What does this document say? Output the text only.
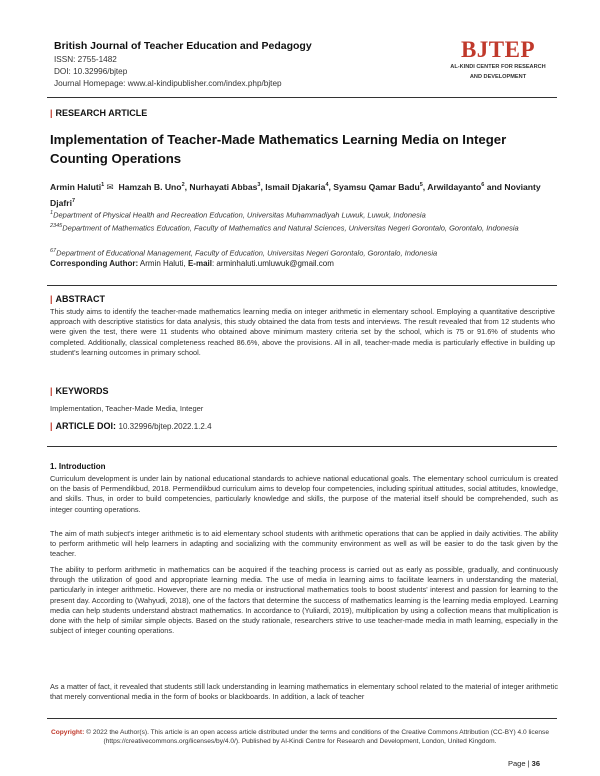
British Journal of Teacher Education and Pedagogy
ISSN: 2755-1482
DOI: 10.32996/bjtep
Journal Homepage: www.al-kindipublisher.com/index.php/bjtep
BJTEP
AL-KINDI CENTER FOR RESEARCH
AND DEVELOPMENT
| RESEARCH ARTICLE
Implementation of Teacher-Made Mathematics Learning Media on Integer Counting Operations
Armin Haluti$^1$ ✉ Hamzah B. Uno$^2$, Nurhayati Abbas$^3$, Ismail Djakaria$^4$, Syamsu Qamar Badu$^5$, Arwildayanto$^6$ and Novianty Djafri$^7$
$^1$Department of Physical Health and Recreation Education, Universitas Muhammadiyah Luwuk, Luwuk, Indonesia
$^{2345}$Department of Mathematics Education, Faculty of Mathematics and Natural Sciences, Universitas Negeri Gorontalo, Gorontalo, Indonesia
$^{67}$Department of Educational Management, Faculty of Education, Universitas Negeri Gorontalo, Gorontalo, Indonesia
Corresponding Author: Armin Haluti, E-mail: arminhaluti.umluwuk@gmail.com
| ABSTRACT
This study aims to identify the teacher-made mathematics learning media on integer arithmetic in elementary school. Employing a quantitative descriptive approach with descriptive statistics for data analysis, this study obtained the data from tests and interviews. The result revealed that from 12 students who were given the test, there were 11 students who obtained above minimum mastery criteria set by the school, which is 75 or 91.6% of students who completed. Additionally, classical completeness reached 86.6%, above the provisions. All in all, teacher-made media is particularly effective in building up student's learning outcomes in primary school.
| KEYWORDS
Implementation, Teacher-Made Media, Integer
| ARTICLE DOI: 10.32996/bjtep.2022.1.2.4
1. Introduction
Curriculum development is under lain by national educational standards to achieve national educational goals. The elementary school curriculum is created on the basis of Permendikbud, 2018. Permendikbud curriculum aims to develop four competencies, including spiritual attitudes, social attitudes, knowledge, and skills. Thus, in order to build competencies, particularly knowledge and skills, the purpose of the material itself should be comprehended, such as integer counting operations.
The aim of math subject's integer arithmetic is to aid elementary school students with arithmetic operations that can be applied in daily activities. The ability to perform arithmetic will help learners in adapting and socializing with the community environment as well as will be easier to do the task given by the teacher.
The ability to perform arithmetic in mathematics can be acquired if the teaching process is carried out as early as possible, gradually, and continuously through the utilization of good and appropriate learning media. The use of media in learning aims to facilitate learners in understanding the material, particularly in integer arithmetic. However, there are no media or instructional mathematics tools to boost students' interest and passion for learning to the present day. According to (Wahyudi, 2018), one of the factors that determine the success of mathematics learning is the learning media employed. Learning media can help students understand abstract mathematics. In accordance to (Yuliardi, 2019), multiplication by using a collection means that multiplication is done with the help of similar simple objects. Based on the study rationale, researchers strive to use teacher-made media in math learning, especially in the subject of integer counting operations.
As a matter of fact, it revealed that students still lack understanding in learning mathematics in elementary school related to the material of integer arithmetic that merely conventional media in the form of books or blackboards. In addition, a lack of teacher
Copyright: © 2022 the Author(s). This article is an open access article distributed under the terms and conditions of the Creative Commons Attribution (CC-BY) 4.0 license (https://creativecommons.org/licenses/by/4.0/). Published by Al-Kindi Centre for Research and Development, London, United Kingdom.
Page | 36
